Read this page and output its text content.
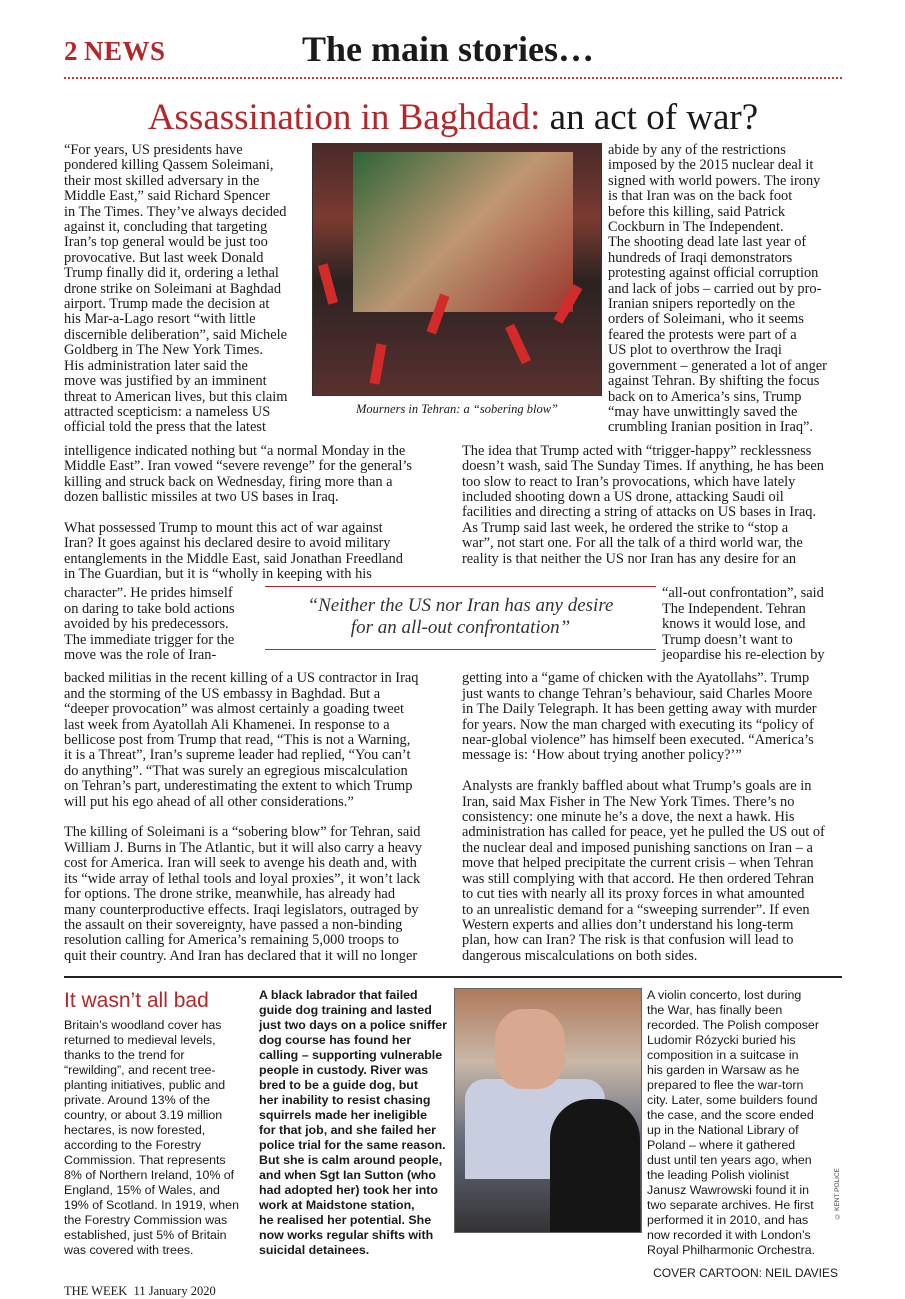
2 NEWS	The main stories…
Assassination in Baghdad: an act of war?
“For years, US presidents have
pondered killing Qassem Soleimani,
their most skilled adversary in the
Middle East,” said Richard Spencer
in The Times. They’ve always decided
against it, concluding that targeting
Iran’s top general would be just too
provocative. But last week Donald
Trump finally did it, ordering a lethal
drone strike on Soleimani at Baghdad
airport. Trump made the decision at
his Mar-a-Lago resort “with little
discernible deliberation”, said Michele
Goldberg in The New York Times.
His administration later said the
move was justified by an imminent
threat to American lives, but this claim
attracted scepticism: a nameless US
official told the press that the latest
Mourners in Tehran: a “sobering blow”
abide by any of the restrictions
imposed by the 2015 nuclear deal it
signed with world powers. The irony
is that Iran was on the back foot
before this killing, said Patrick
Cockburn in The Independent.
The shooting dead late last year of
hundreds of Iraqi demonstrators
protesting against official corruption
and lack of jobs – carried out by pro-
Iranian snipers reportedly on the
orders of Soleimani, who it seems
feared the protests were part of a
US plot to overthrow the Iraqi
government – generated a lot of anger
against Tehran. By shifting the focus
back on to America’s sins, Trump
“may have unwittingly saved the
crumbling Iranian position in Iraq”.
intelligence indicated nothing but “a normal Monday in the
Middle East”. Iran vowed “severe revenge” for the general’s
killing and struck back on Wednesday, firing more than a
dozen ballistic missiles at two US bases in Iraq.

What possessed Trump to mount this act of war against
Iran? It goes against his declared desire to avoid military
entanglements in the Middle East, said Jonathan Freedland
in The Guardian, but it is “wholly in keeping with his
The idea that Trump acted with “trigger-happy” recklessness
doesn’t wash, said The Sunday Times. If anything, he has been
too slow to react to Iran’s provocations, which have lately
included shooting down a US drone, attacking Saudi oil
facilities and directing a string of attacks on US bases in Iraq.
As Trump said last week, he ordered the strike to “stop a
war”, not start one. For all the talk of a third world war, the
reality is that neither the US nor Iran has any desire for an
character”. He prides himself
on daring to take bold actions
avoided by his predecessors.
The immediate trigger for the
move was the role of Iran-
“Neither the US nor Iran has any desire
for an all-out confrontation”
“all-out confrontation”, said
The Independent. Tehran
knows it would lose, and
Trump doesn’t want to
jeopardise his re-election by
backed militias in the recent killing of a US contractor in Iraq
and the storming of the US embassy in Baghdad. But a
“deeper provocation” was almost certainly a goading tweet
last week from Ayatollah Ali Khamenei. In response to a
bellicose post from Trump that read, “This is not a Warning,
it is a Threat”, Iran’s supreme leader had replied, “You can’t
do anything”. “That was surely an egregious miscalculation
on Tehran’s part, underestimating the extent to which Trump
will put his ego ahead of all other considerations.”

The killing of Soleimani is a “sobering blow” for Tehran, said
William J. Burns in The Atlantic, but it will also carry a heavy
cost for America. Iran will seek to avenge his death and, with
its “wide array of lethal tools and loyal proxies”, it won’t lack
for options. The drone strike, meanwhile, has already had
many counterproductive effects. Iraqi legislators, outraged by
the assault on their sovereignty, have passed a non-binding
resolution calling for America’s remaining 5,000 troops to
quit their country. And Iran has declared that it will no longer
getting into a “game of chicken with the Ayatollahs”. Trump
just wants to change Tehran’s behaviour, said Charles Moore
in The Daily Telegraph. It has been getting away with murder
for years. Now the man charged with executing its “policy of
near-global violence” has himself been executed. “America’s
message is: ‘How about trying another policy?’”

Analysts are frankly baffled about what Trump’s goals are in
Iran, said Max Fisher in The New York Times. There’s no
consistency: one minute he’s a dove, the next a hawk. His
administration has called for peace, yet he pulled the US out of
the nuclear deal and imposed punishing sanctions on Iran – a
move that helped precipitate the current crisis – when Tehran
was still complying with that accord. He then ordered Tehran
to cut ties with nearly all its proxy forces in what amounted
to an unrealistic demand for a “sweeping surrender”. If even
Western experts and allies don’t understand his long-term
plan, how can Iran? The risk is that confusion will lead to
dangerous miscalculations on both sides.
It wasn’t all bad
Britain’s woodland cover has
returned to medieval levels,
thanks to the trend for
“rewilding”, and recent tree-
planting initiatives, public and
private. Around 13% of the
country, or about 3.19 million
hectares, is now forested,
according to the Forestry
Commission. That represents
8% of Northern Ireland, 10% of
England, 15% of Wales, and
19% of Scotland. In 1919, when
the Forestry Commission was
established, just 5% of Britain
was covered with trees.
A black labrador that failed
guide dog training and lasted
just two days on a police sniffer
dog course has found her
calling – supporting vulnerable
people in custody. River was
bred to be a guide dog, but
her inability to resist chasing
squirrels made her ineligible
for that job, and she failed her
police trial for the same reason.
But she is calm around people,
and when Sgt Ian Sutton (who
had adopted her) took her into
work at Maidstone station,
he realised her potential. She
now works regular shifts with
suicidal detainees.
A violin concerto, lost during
the War, has finally been
recorded. The Polish composer
Ludomir Rózycki buried his
composition in a suitcase in
his garden in Warsaw as he
prepared to flee the war-torn
city. Later, some builders found
the case, and the score ended
up in the National Library of
Poland – where it gathered
dust until ten years ago, when
the leading Polish violinist
Janusz Wawrowski found it in
two separate archives. He first
performed it in 2010, and has
now recorded it with London’s
Royal Philharmonic Orchestra.
© KENT POLICE
COVER CARTOON: NEIL DAVIES
THE WEEK  11 January 2020
